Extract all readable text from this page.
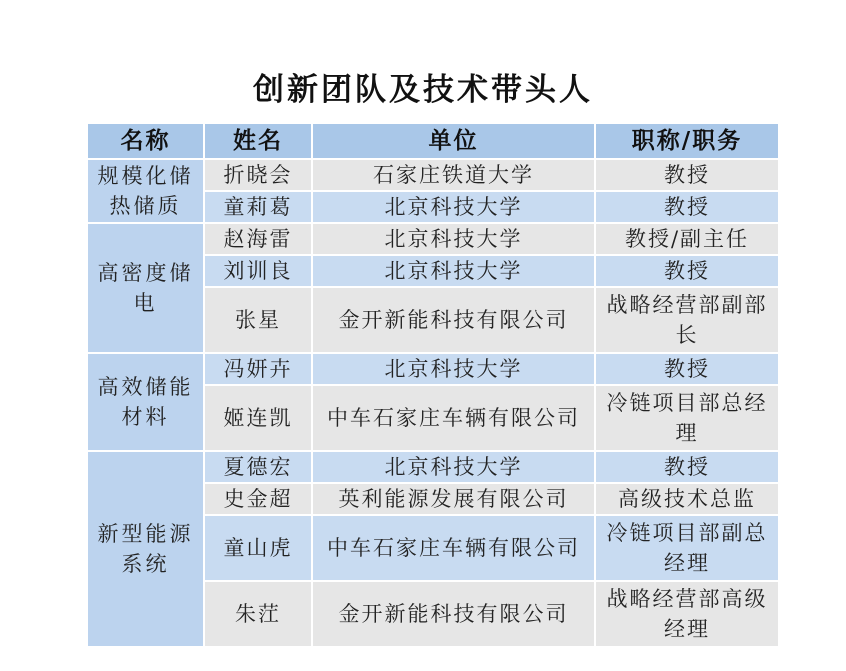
创新团队及技术带头人
名称	姓名	单位	职称/职务
规模化储热储质	折晓会	石家庄铁道大学	教授
	童莉葛	北京科技大学	教授
高密度储电	赵海雷	北京科技大学	教授/副主任
	刘训良	北京科技大学	教授
	张星	金开新能科技有限公司	战略经营部副部长
高效储能材料	冯妍卉	北京科技大学	教授
	姬连凯	中车石家庄车辆有限公司	冷链项目部总经理
新型能源系统	夏德宏	北京科技大学	教授
	史金超	英利能源发展有限公司	高级技术总监
	童山虎	中车石家庄车辆有限公司	冷链项目部副总经理
	朱茳	金开新能科技有限公司	战略经营部高级经理
